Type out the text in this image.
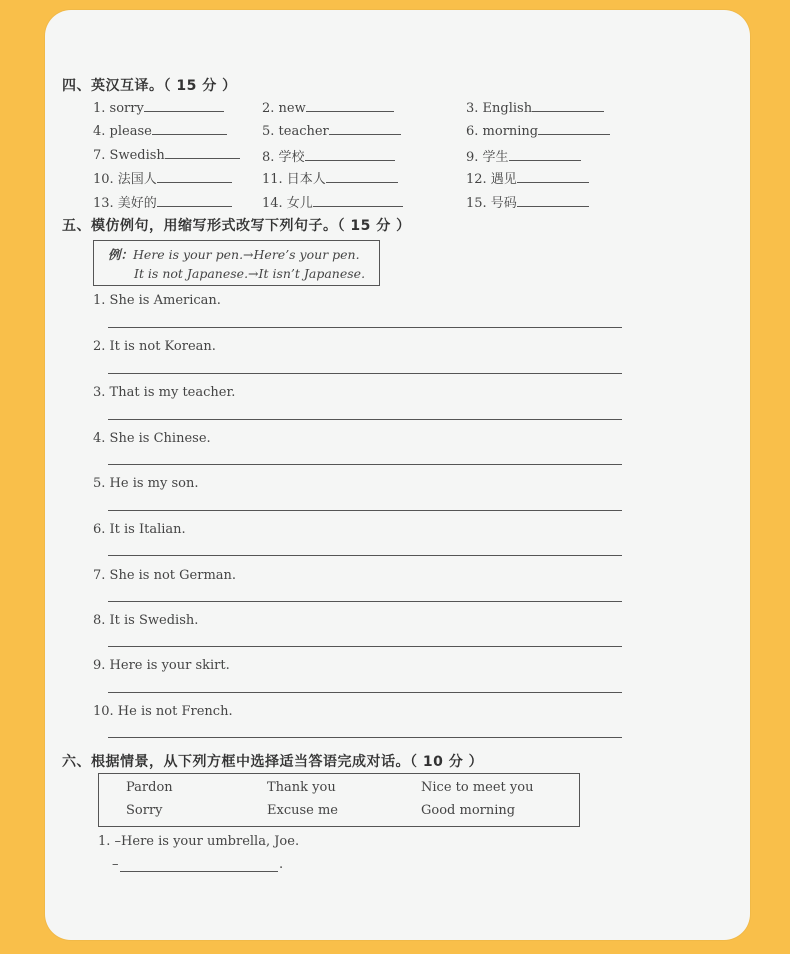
四、英汉互译。（ 15 分 ）
1. sorry	2. new	3. English
4. please	5. teacher	6. morning
7. Swedish	8. 学校	9. 学生
10. 法国人	11. 日本人	12. 遇见
13. 美好的	14. 女儿	15. 号码
五、模仿例句，用缩写形式改写下列句子。（ 15 分 ）
例：Here is your pen.→Here’s your pen.
It is not Japanese.→It isn’t Japanese.
1. She is American.
2. It is not Korean.
3. That is my teacher.
4. She is Chinese.
5. He is my son.
6. It is Italian.
7. She is not German.
8. It is Swedish.
9. Here is your skirt.
10. He is not French.
六、根据情景，从下列方框中选择适当答语完成对话。（ 10 分 ）
Pardon	Thank you	Nice to meet you
Sorry	Excuse me	Good morning
1. –Here is your umbrella, Joe.
–	.
